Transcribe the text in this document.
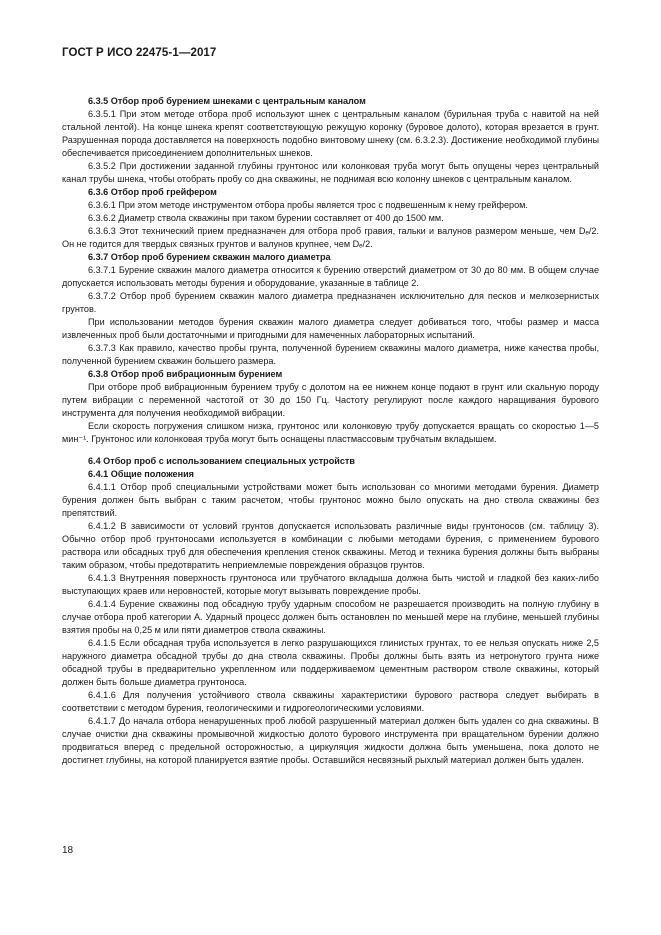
ГОСТ Р ИСО 22475-1—2017

6.3.5 Отбор проб бурением шнеками с центральным каналом

6.3.5.1 При этом методе отбора проб используют шнек с центральным каналом (бурильная труба с навитой на ней стальной лентой). На конце шнека крепят соответствующую режущую коронку (буровое долото), которая врезается в грунт. Разрушенная порода доставляется на поверхность подобно винтовому шнеку (см. 6.3.2.3). Достижение необходимой глубины обеспечивается присоединением дополнительных шнеков.

6.3.5.2 При достижении заданной глубины грунтонос или колонковая труба могут быть опущены через центральный канал трубы шнека, чтобы отобрать пробу со дна скважины, не поднимая всю колонну шнеков с центральным каналом.

6.3.6 Отбор проб грейфером

6.3.6.1 При этом методе инструментом отбора пробы является трос с подвешенным к нему грейфером.

6.3.6.2 Диаметр ствола скважины при таком бурении составляет от 400 до 1500 мм.

6.3.6.3 Этот технический прием предназначен для отбора проб гравия, гальки и валунов размером меньше, чем Dₑ/2. Он не годится для твердых связных грунтов и валунов крупнее, чем Dₑ/2.

6.3.7 Отбор проб бурением скважин малого диаметра

6.3.7.1 Бурение скважин малого диаметра относится к бурению отверстий диаметром от 30 до 80 мм. В общем случае допускается использовать методы бурения и оборудование, указанные в таблице 2.

6.3.7.2 Отбор проб бурением скважин малого диаметра предназначен исключительно для песков и мелкозернистых грунтов.

При использовании методов бурения скважин малого диаметра следует добиваться того, чтобы размер и масса извлеченных проб были достаточными и пригодными для намеченных лабораторных испытаний.

6.3.7.3 Как правило, качество пробы грунта, полученной бурением скважины малого диаметра, ниже качества пробы, полученной бурением скважин большего размера.

6.3.8 Отбор проб вибрационным бурением

При отборе проб вибрационным бурением трубу с долотом на ее нижнем конце подают в грунт или скальную породу путем вибрации с переменной частотой от 30 до 150 Гц. Частоту регулируют после каждого наращивания бурового инструмента для получения необходимой вибрации.

Если скорость погружения слишком низка, грунтонос или колонковую трубу допускается вращать со скоростью 1—5 мин⁻¹. Грунтонос или колонковая труба могут быть оснащены пластмассовым трубчатым вкладышем.

6.4 Отбор проб с использованием специальных устройств

6.4.1 Общие положения

6.4.1.1 Отбор проб специальными устройствами может быть использован со многими методами бурения. Диаметр бурения должен быть выбран с таким расчетом, чтобы грунтонос можно было опускать на дно ствола скважины без препятствий.

6.4.1.2 В зависимости от условий грунтов допускается использовать различные виды грунтоносов (см. таблицу 3). Обычно отбор проб грунтоносами используется в комбинации с любыми методами бурения, с применением бурового раствора или обсадных труб для обеспечения крепления стенок скважины. Метод и техника бурения должны быть выбраны таким образом, чтобы предотвратить неприемлемые повреждения образцов грунтов.

6.4.1.3 Внутренняя поверхность грунтоноса или трубчатого вкладыша должна быть чистой и гладкой без каких-либо выступающих краев или неровностей, которые могут вызывать повреждение пробы.

6.4.1.4 Бурение скважины под обсадную трубу ударным способом не разрешается производить на полную глубину в случае отбора проб категории А. Ударный процесс должен быть остановлен по меньшей мере на глубине, меньшей глубины взятия пробы на 0,25 м или пяти диаметров ствола скважины.

6.4.1.5 Если обсадная труба используется в легко разрушающихся глинистых грунтах, то ее нельзя опускать ниже 2,5 наружного диаметра обсадной трубы до дна ствола скважины. Пробы должны быть взять из нетронутого грунта ниже обсадной трубы в предварительно укрепленном или поддерживаемом цементным раствором стволе скважины, который должен быть больше диаметра грунтоноса.

6.4.1.6 Для получения устойчивого ствола скважины характеристики бурового раствора следует выбирать в соответствии с методом бурения, геологическими и гидрогеологическими условиями.

6.4.1.7 До начала отбора ненарушенных проб любой разрушенный материал должен быть удален со дна скважины. В случае очистки дна скважины промывочной жидкостью долото бурового инструмента при вращательном бурении должно продвигаться вперед с предельной осторожностью, а циркуляция жидкости должна быть уменьшена, пока долото не достигнет глубины, на которой планируется взятие пробы. Оставшийся несвязный рыхлый материал должен быть удален.

18
